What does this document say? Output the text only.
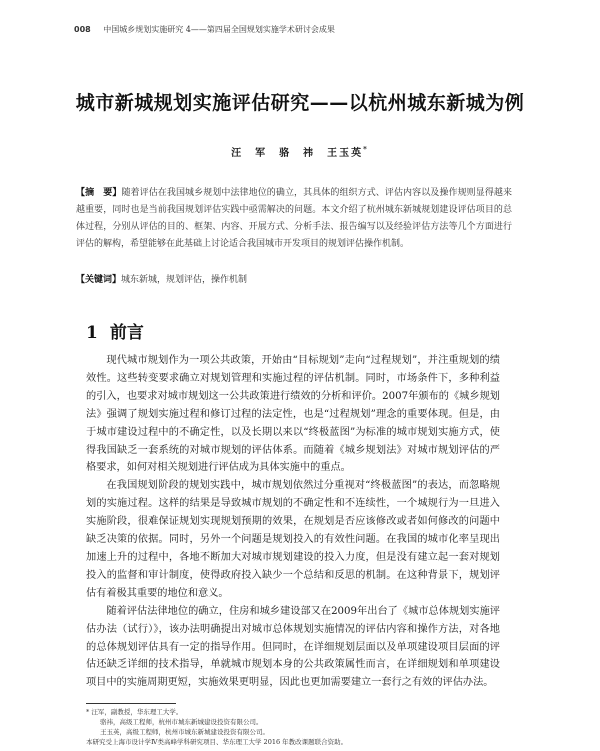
008 中国城乡规划实施研究 4——第四届全国规划实施学术研讨会成果
城市新城规划实施评估研究——以杭州城东新城为例
汪　军　骆　祎　王玉英*
【摘　要】随着评估在我国城乡规划中法律地位的确立，其具体的组织方式、评估内容以及操作规则显得越来越重要，同时也是当前我国规划评估实践中亟需解决的问题。本文介绍了杭州城东新城规划建设评估项目的总体过程，分别从评估的目的、框架、内容、开展方式、分析手法、报告编写以及经验评估方法等几个方面进行评估的解构，希望能够在此基础上讨论适合我国城市开发项目的规划评估操作机制。
【关键词】城东新城，规划评估，操作机制
1 前言

现代城市规划作为一项公共政策，开始由“目标规划”走向“过程规划”，并注重规划的绩效性。这些转变要求确立对规划管理和实施过程的评估机制。同时，市场条件下，多种利益的引入，也要求对城市规划这一公共政策进行绩效的分析和评价。2007年颁布的《城乡规划法》强调了规划实施过程和修订过程的法定性，也是“过程规划”理念的重要体现。但是，由于城市建设过程中的不确定性，以及长期以来以“终极蓝图”为标准的城市规划实施方式，使得我国缺乏一套系统的对城市规划的评估体系。而随着《城乡规划法》对城市规划评估的严格要求，如何对相关规划进行评估成为具体实施中的重点。

在我国规划阶段的规划实践中，城市规划依然过分重视对“终极蓝图”的表达，而忽略规划的实施过程。这样的结果是导致城市规划的不确定性和不连续性，一个城规行为一旦进入实施阶段，很难保证规划实现规划预期的效果，在规划是否应该修改或者如何修改的问题中缺乏决策的依据。同时，另外一个问题是规划投入的有效性问题。在我国的城市化率呈现出加速上升的过程中，各地不断加大对城市规划建设的投入力度，但是没有建立起一套对规划投入的监督和审计制度，使得政府投入缺少一个总结和反思的机制。在这种背景下，规划评估有着极其重要的地位和意义。

随着评估法律地位的确立，住房和城乡建设部又在2009年出台了《城市总体规划实施评估办法（试行）》，该办法明确提出对城市总体规划实施情况的评估内容和操作方法，对各地的总体规划评估具有一定的指导作用。但同时，在详细规划层面以及单项建设项目层面的评估还缺乏详细的技术指导，单就城市规划本身的公共政策属性而言，在详细规划和单项建设项目中的实施周期更短，实施效果更明显，因此也更加需要建立一套行之有效的评估办法。

* 汪军，副教授，华东理工大学。
骆祎，高级工程师，杭州市城东新城建设投资有限公司。
王玉英，高级工程师，杭州市城东新城建设投资有限公司。
本研究受上海市设计学Ⅳ类高峰学科研究项目、华东理工大学 2016 年教改课题联合资助。
